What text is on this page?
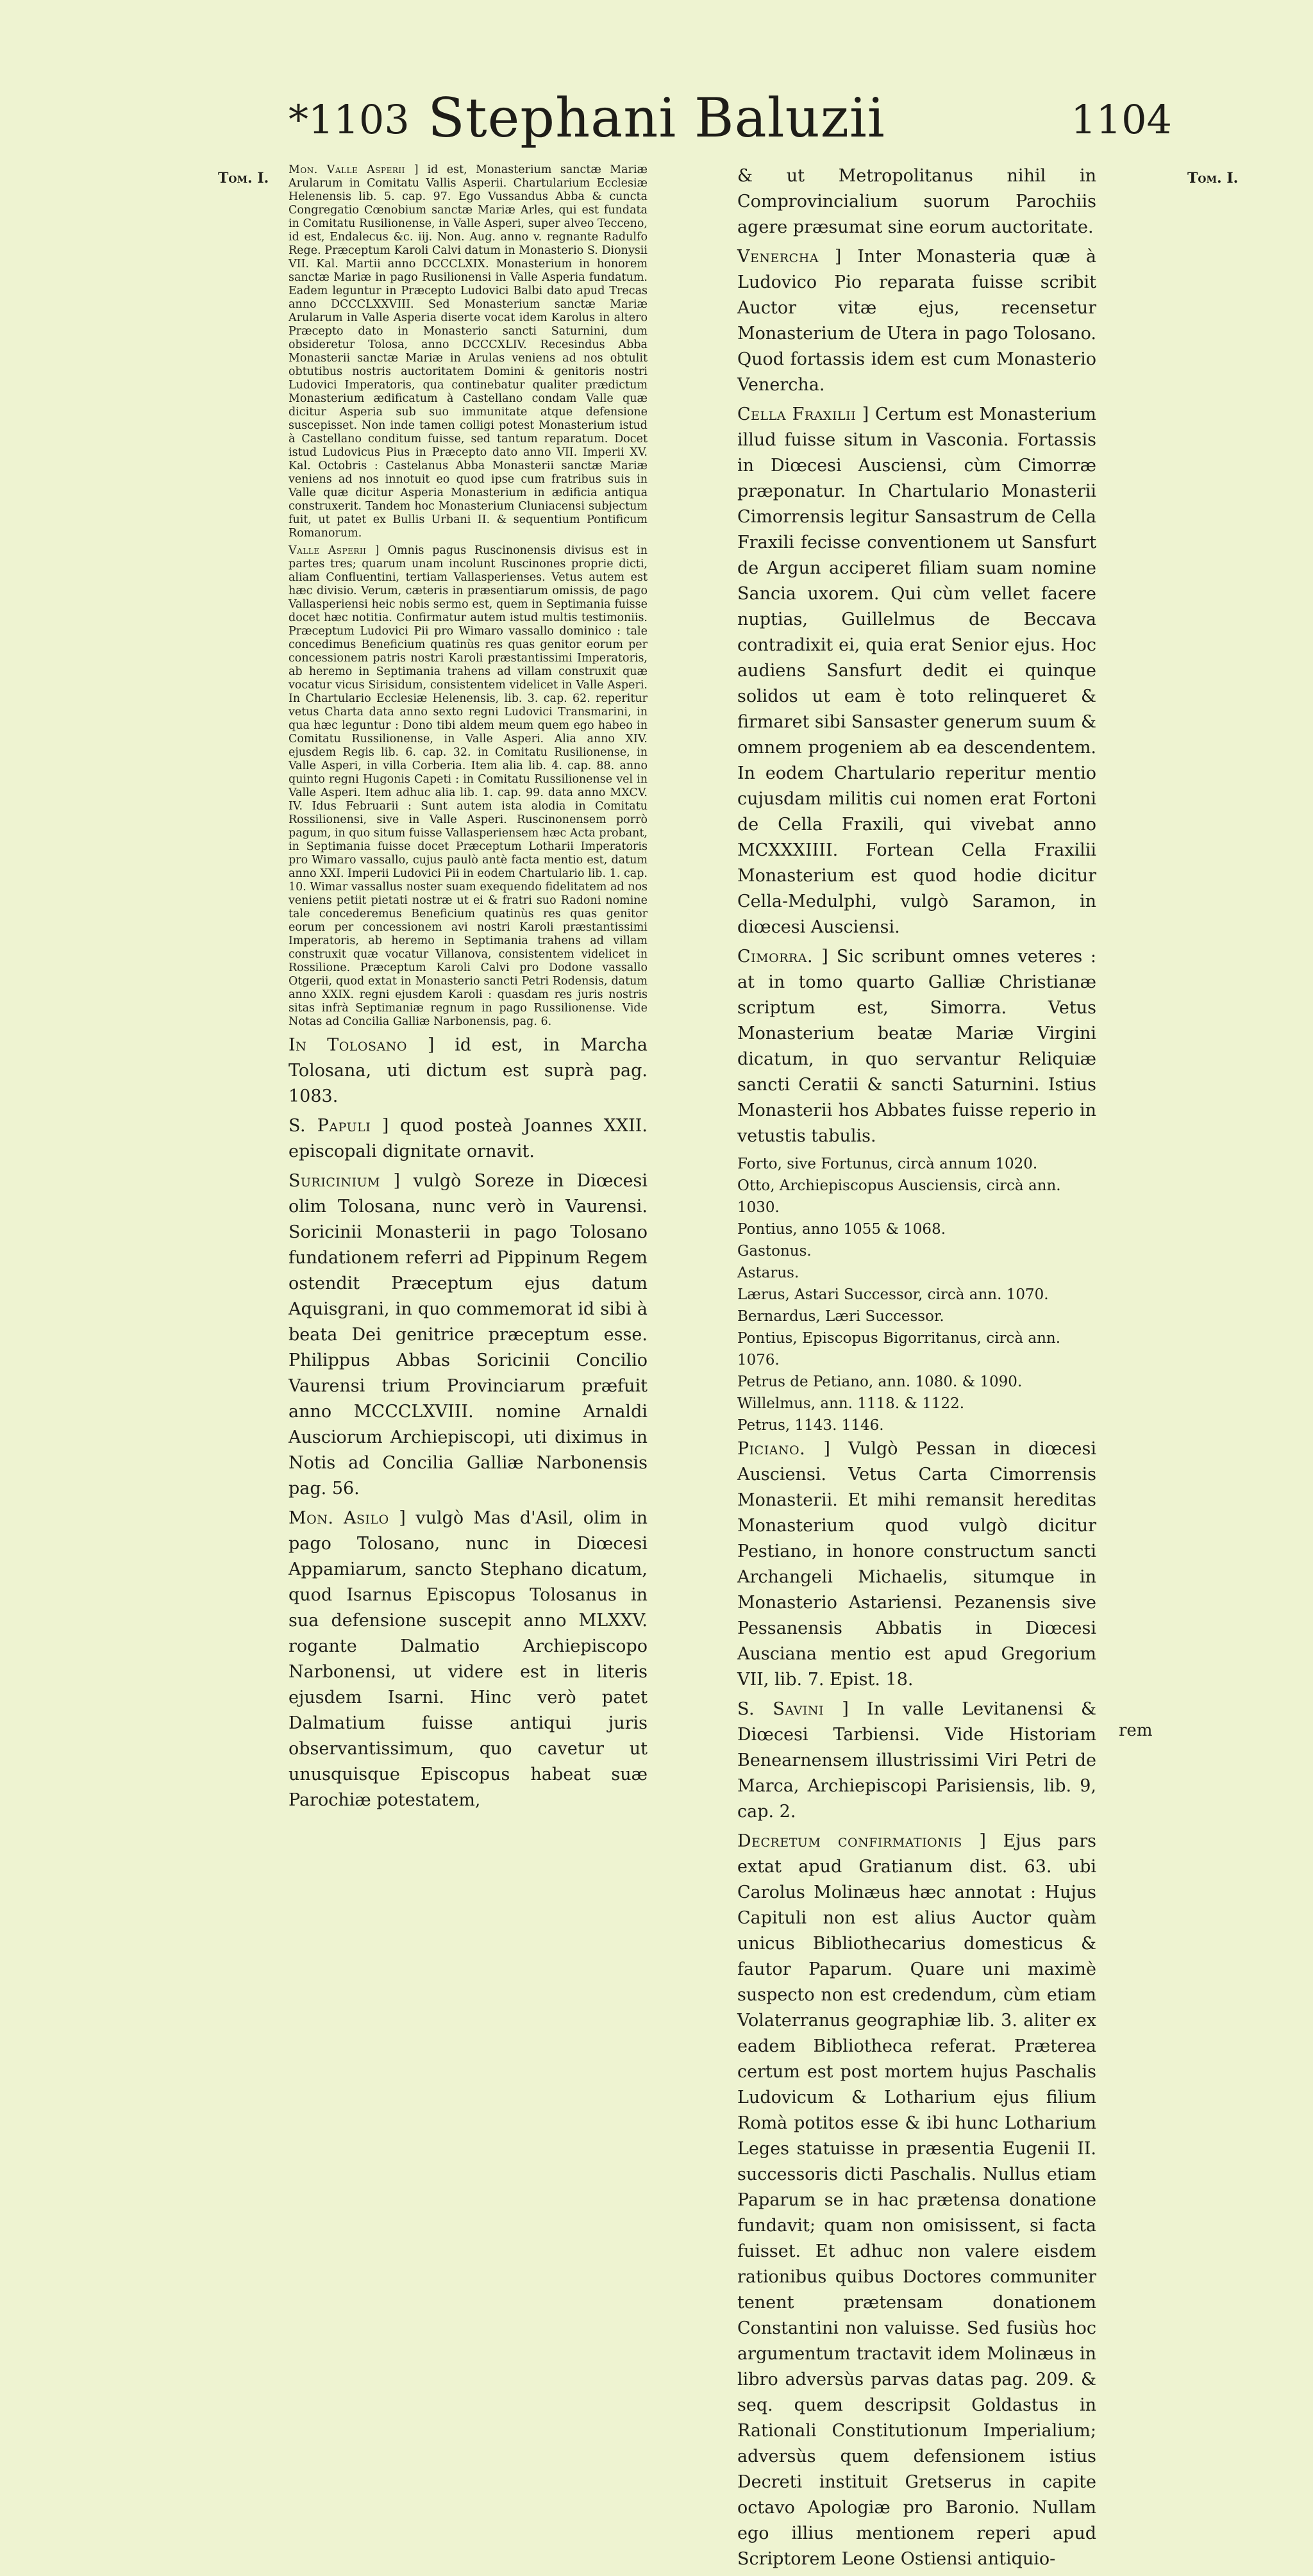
*1103 Stephani Baluzii	1104
Tom. I.	Tom. I.

Mon. Valle Asperii ] id est, Monasterium sanctæ Mariæ Arularum in Comitatu Vallis Asperii. Chartularium Ecclesiæ Helenensis lib. 5. cap. 97. Ego Vussandus Abba & cuncta Congregatio Cœnobium sanctæ Mariæ Arles, qui est fundata in Comitatu Rusilionense, in Valle Asperi, super alveo Tecceno, id est, Endalecus &c. iij. Non. Aug. anno v. regnante Radulfo Rege. Præceptum Karoli Calvi datum in Monasterio S. Dionysii VII. Kal. Martii anno DCCCLXIX. Monasterium in honorem sanctæ Mariæ in pago Rusilionensi in Valle Asperia fundatum. Eadem leguntur in Præcepto Ludovici Balbi dato apud Trecas anno DCCCLXXVIII. Sed Monasterium sanctæ Mariæ Arularum in Valle Asperia diserte vocat idem Karolus in altero Præcepto dato in Monasterio sancti Saturnini, dum obsideretur Tolosa, anno DCCCXLIV. Recesindus Abba Monasterii sanctæ Mariæ in Arulas veniens ad nos obtulit obtutibus nostris auctoritatem Domini & genitoris nostri Ludovici Imperatoris, qua continebatur qualiter prædictum Monasterium ædificatum à Castellano condam Valle quæ dicitur Asperia sub suo immunitate atque defensione suscepisset. Non inde tamen colligi potest Monasterium istud à Castellano conditum fuisse, sed tantum reparatum. Docet istud Ludovicus Pius in Præcepto dato anno VII. Imperii XV. Kal. Octobris : Castelanus Abba Monasterii sanctæ Mariæ veniens ad nos innotuit eo quod ipse cum fratribus suis in Valle quæ dicitur Asperia Monasterium in ædificia antiqua construxerit. Tandem hoc Monasterium Cluniacensi subjectum fuit, ut patet ex Bullis Urbani II. & sequentium Pontificum Romanorum.

Valle Asperii ] Omnis pagus Ruscinonensis divisus est in partes tres; quarum unam incolunt Ruscinones proprie dicti, aliam Confluentini, tertiam Vallasperienses. Vetus autem est hæc divisio. Verum, cæteris in præsentiarum omissis, de pago Vallasperiensi heic nobis sermo est, quem in Septimania fuisse docet hæc notitia. Confirmatur autem istud multis testimoniis. Præceptum Ludovici Pii pro Wimaro vassallo dominico : tale concedimus Beneficium quatinùs res quas genitor eorum per concessionem patris nostri Karoli præstantissimi Imperatoris, ab heremo in Septimania trahens ad villam construxit quæ vocatur vicus Sirisidum, consistentem videlicet in Valle Asperi. In Chartulario Ecclesiæ Helenensis, lib. 3. cap. 62. reperitur vetus Charta data anno sexto regni Ludovici Transmarini, in qua hæc leguntur : Dono tibi aldem meum quem ego habeo in Comitatu Russilionense, in Valle Asperi. Alia anno XIV. ejusdem Regis lib. 6. cap. 32. in Comitatu Rusilionense, in Valle Asperi, in villa Corberia. Item alia lib. 4. cap. 88. anno quinto regni Hugonis Capeti : in Comitatu Russilionense vel in Valle Asperi. Item adhuc alia lib. 1. cap. 99. data anno MXCV. IV. Idus Februarii : Sunt autem ista alodia in Comitatu Rossilionensi, sive in Valle Asperi. Ruscinonensem porrò pagum, in quo situm fuisse Vallasperiensem hæc Acta probant, in Septimania fuisse docet Præceptum Lotharii Imperatoris pro Wimaro vassallo, cujus paulò antè facta mentio est, datum anno XXI. Imperii Ludovici Pii in eodem Chartulario lib. 1. cap. 10. Wimar vassallus noster suam exequendo fidelitatem ad nos veniens petiit pietati nostræ ut ei & fratri suo Radoni nomine tale concederemus Beneficium quatinùs res quas genitor eorum per concessionem avi nostri Karoli præstantissimi Imperatoris, ab heremo in Septimania trahens ad villam construxit quæ vocatur Villanova, consistentem videlicet in Rossilione. Præceptum Karoli Calvi pro Dodone vassallo Otgerii, quod extat in Monasterio sancti Petri Rodensis, datum anno XXIX. regni ejusdem Karoli : quasdam res juris nostris sitas infrà Septimaniæ regnum in pago Russilionense. Vide Notas ad Concilia Galliæ Narbonensis, pag. 6.

In Tolosano ] id est, in Marcha Tolosana, uti dictum est suprà pag. 1083.

S. Papuli ] quod posteà Joannes XXII. episcopali dignitate ornavit.

Suricinium ] vulgò Soreze in Diœcesi olim Tolosana, nunc verò in Vaurensi. Soricinii Monasterii in pago Tolosano fundationem referri ad Pippinum Regem ostendit Præceptum ejus datum Aquisgrani, in quo commemorat id sibi à beata Dei genitrice præceptum esse. Philippus Abbas Soricinii Concilio Vaurensi trium Provinciarum præfuit anno MCCCLXVIII. nomine Arnaldi Ausciorum Archiepiscopi, uti diximus in Notis ad Concilia Galliæ Narbonensis pag. 56.

Mon. Asilo ] vulgò Mas d'Asil, olim in pago Tolosano, nunc in Diœcesi Appamiarum, sancto Stephano dicatum, quod Isarnus Episcopus Tolosanus in sua defensione suscepit anno MLXXV. rogante Dalmatio Archiepiscopo Narbonensi, ut videre est in literis ejusdem Isarni. Hinc verò patet Dalmatium fuisse antiqui juris observantissimum, quo cavetur ut unusquisque Episcopus habeat suæ Parochiæ potestatem,

& ut Metropolitanus nihil in Comprovincialium suorum Parochiis agere præsumat sine eorum auctoritate.

Venercha ] Inter Monasteria quæ à Ludovico Pio reparata fuisse scribit Auctor vitæ ejus, recensetur Monasterium de Utera in pago Tolosano. Quod fortassis idem est cum Monasterio Venercha.

Cella Fraxilii ] Certum est Monasterium illud fuisse situm in Vasconia. Fortassis in Diœcesi Ausciensi, cùm Cimorræ præponatur. In Chartulario Monasterii Cimorrensis legitur Sansastrum de Cella Fraxili fecisse conventionem ut Sansfurt de Argun acciperet filiam suam nomine Sancia uxorem. Qui cùm vellet facere nuptias, Guillelmus de Beccava contradixit ei, quia erat Senior ejus. Hoc audiens Sansfurt dedit ei quinque solidos ut eam è toto relinqueret & firmaret sibi Sansaster generum suum & omnem progeniem ab ea descendentem. In eodem Chartulario reperitur mentio cujusdam militis cui nomen erat Fortoni de Cella Fraxili, qui vivebat anno MCXXXIIII. Fortean Cella Fraxilii Monasterium est quod hodie dicitur Cella-Medulphi, vulgò Saramon, in diœcesi Ausciensi.

Cimorra. ] Sic scribunt omnes veteres : at in tomo quarto Galliæ Christianæ scriptum est, Simorra. Vetus Monasterium beatæ Mariæ Virgini dicatum, in quo servantur Reliquiæ sancti Ceratii & sancti Saturnini. Istius Monasterii hos Abbates fuisse reperio in vetustis tabulis.

Forto, sive Fortunus, circà annum 1020.
Otto, Archiepiscopus Ausciensis, circà ann. 1030.
Pontius, anno 1055 & 1068.
Gastonus.
Astarus.
Lærus, Astari Successor, circà ann. 1070.
Bernardus, Læri Successor.
Pontius, Episcopus Bigorritanus, circà ann. 1076.
Petrus de Petiano, ann. 1080. & 1090.
Willelmus, ann. 1118. & 1122.
Petrus, 1143. 1146.

Piciano. ] Vulgò Pessan in diœcesi Ausciensi. Vetus Carta Cimorrensis Monasterii. Et mihi remansit hereditas Monasterium quod vulgò dicitur Pestiano, in honore constructum sancti Archangeli Michaelis, situmque in Monasterio Astariensi. Pezanensis sive Pessanensis Abbatis in Diœcesi Ausciana mentio est apud Gregorium VII, lib. 7. Epist. 18.

S. Savini ] In valle Levitanensi & Diœcesi Tarbiensi. Vide Historiam Benearnensem illustrissimi Viri Petri de Marca, Archiepiscopi Parisiensis, lib. 9, cap. 2.

Decretum confirmationis ] Ejus pars extat apud Gratianum dist. 63. ubi Carolus Molinæus hæc annotat : Hujus Capituli non est alius Auctor quàm unicus Bibliothecarius domesticus & fautor Paparum. Quare uni maximè suspecto non est credendum, cùm etiam Volaterranus geographiæ lib. 3. aliter ex eadem Bibliotheca referat. Præterea certum est post mortem hujus Paschalis Ludovicum & Lotharium ejus filium Romà potitos esse & ibi hunc Lotharium Leges statuisse in præsentia Eugenii II. successoris dicti Paschalis. Nullus etiam Paparum se in hac prætensa donatione fundavit; quam non omisissent, si facta fuisset. Et adhuc non valere eisdem rationibus quibus Doctores communiter tenent prætensam donationem Constantini non valuisse. Sed fusiùs hoc argumentum tractavit idem Molinæus in libro adversùs parvas datas pag. 209. & seq. quem descripsit Goldastus in Rationali Constitutionum Imperialium; adversùs quem defensionem istius Decreti instituit Gretserus in capite octavo Apologiæ pro Baronio. Nullam ego illius mentionem reperi apud Scriptorem Leone Ostiensi antiquio-

rem
